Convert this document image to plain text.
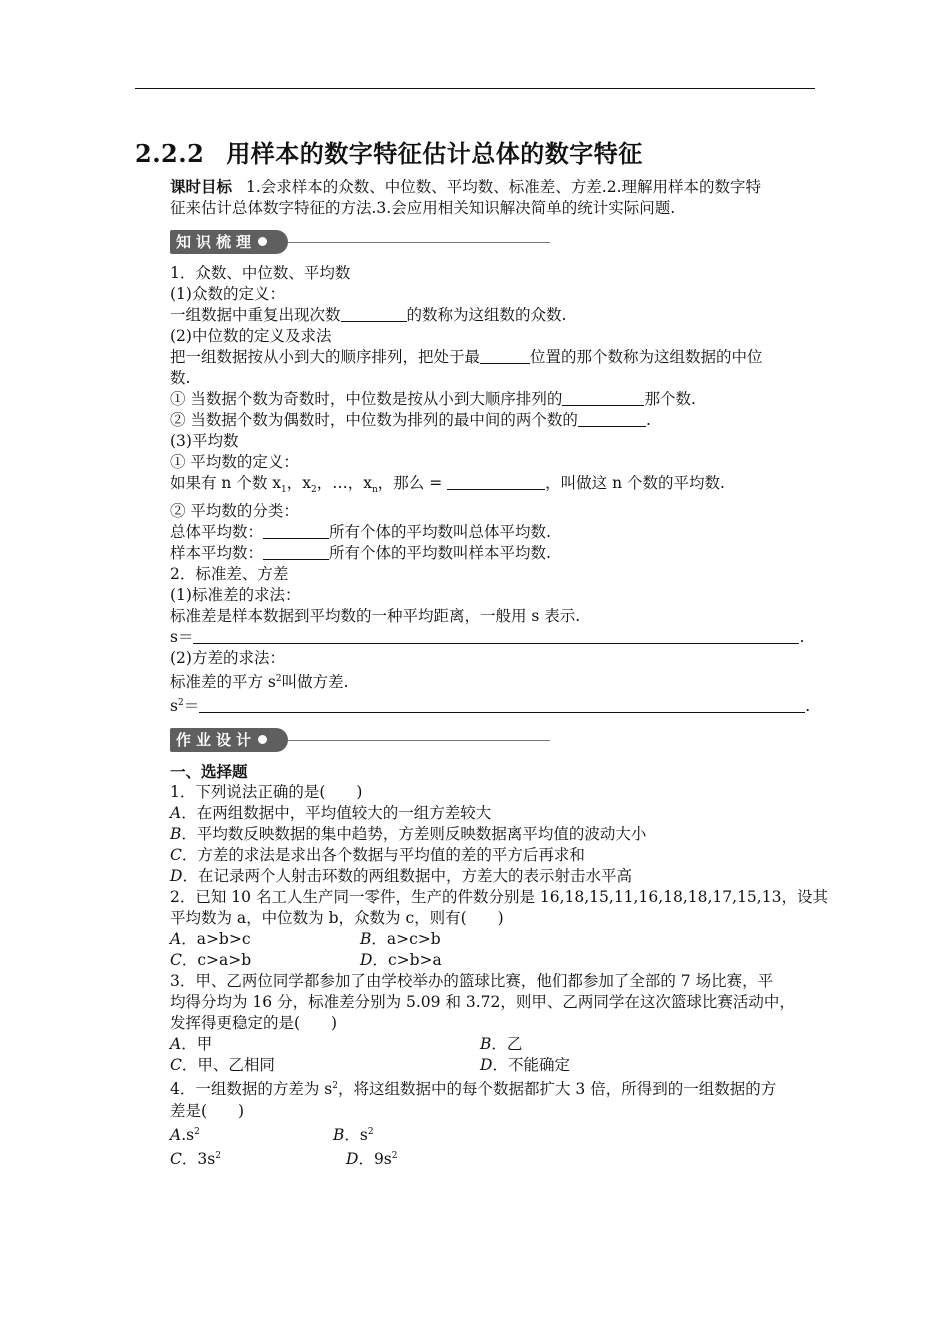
2.2.2 用样本的数字特征估计总体的数字特征

课时目标 1.会求样本的众数、中位数、平均数、标准差、方差.2.理解用样本的数字特

征来估计总体数字特征的方法.3.会应用相关知识解决简单的统计实际问题.

知识梳理

1．众数、中位数、平均数

(1)众数的定义：

一组数据中重复出现次数	的数称为这组数的众数.

(2)中位数的定义及求法

把一组数据按从小到大的顺序排列，把处于最	位置的那个数称为这组数据的中位

数.

① 当数据个数为奇数时，中位数是按从小到大顺序排列的	那个数.

② 当数据个数为偶数时，中位数为排列的最中间的两个数的	.

(3)平均数

① 平均数的定义：

如果有 n 个数 $x_1$，$x_2$，…，$x_n$，那么 =	，叫做这 n 个数的平均数.

② 平均数的分类：

总体平均数：	所有个体的平均数叫总体平均数.

样本平均数：	所有个体的平均数叫样本平均数.

2．标准差、方差

(1)标准差的求法：

标准差是样本数据到平均数的一种平均距离，一般用 s 表示.

s＝	.

(2)方差的求法：

标准差的平方 $s^2$叫做方差.

$s^2=$	.

作业设计

一、选择题

1．下列说法正确的是(　　)

A．在两组数据中，平均值较大的一组方差较大

B．平均数反映数据的集中趋势，方差则反映数据离平均值的波动大小

C．方差的求法是求出各个数据与平均值的差的平方后再求和

D．在记录两个人射击环数的两组数据中，方差大的表示射击水平高

2．已知 10 名工人生产同一零件，生产的件数分别是 16,18,15,11,16,18,18,17,15,13，设其

平均数为 a，中位数为 b，众数为 c，则有(　　)

A．a>b>c	B．a>c>b
C．c>a>b	D．c>b>a

3．甲、乙两位同学都参加了由学校举办的篮球比赛，他们都参加了全部的 7 场比赛，平

均得分均为 16 分，标准差分别为 5.09 和 3.72，则甲、乙两同学在这次篮球比赛活动中，

发挥得更稳定的是(　　)

A．甲	B．乙
C．甲、乙相同	D．不能确定

4．一组数据的方差为 $s^2$，将这组数据中的每个数据都扩大 3 倍，所得到的一组数据的方

差是(　　)

$A.s^2$	B．$s^2$
C．$3s^2$	D．$9s^2$
